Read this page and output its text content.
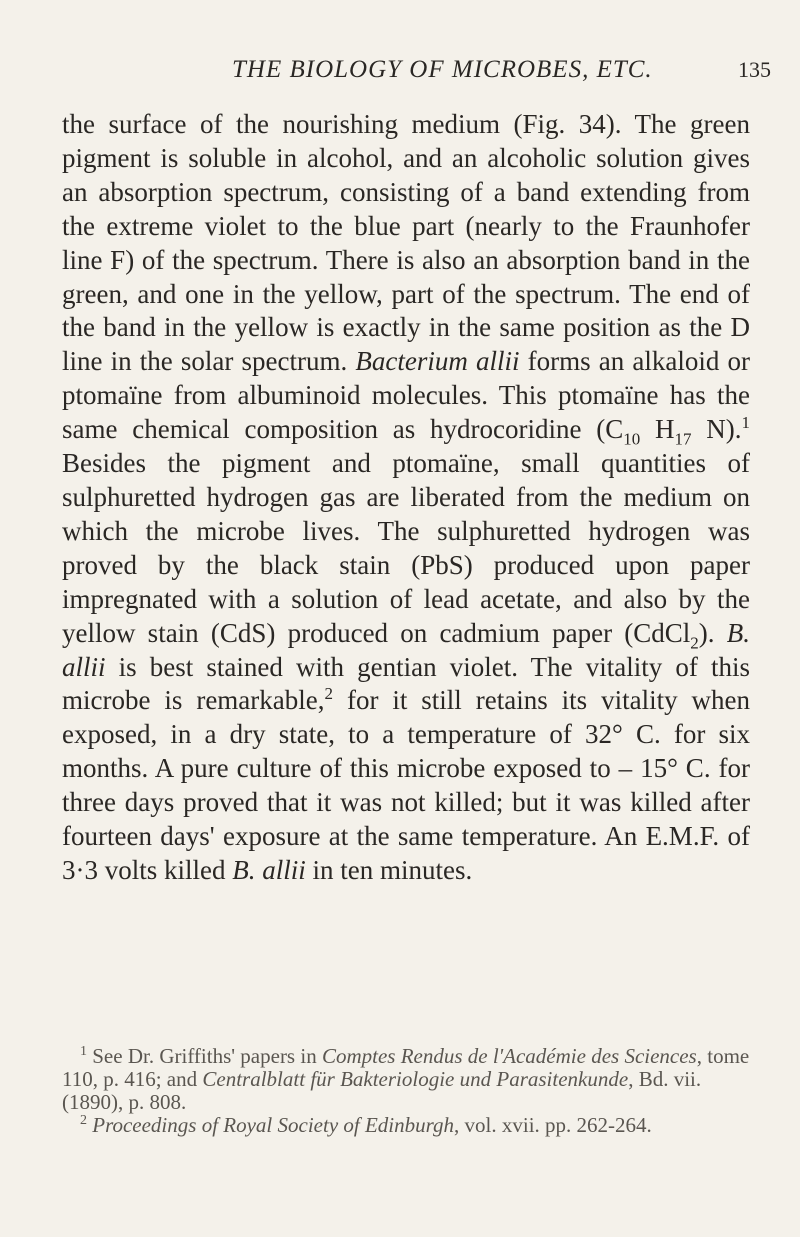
THE BIOLOGY OF MICROBES, ETC.	135

the surface of the nourishing medium (Fig. 34). The green pigment is soluble in alcohol, and an alcoholic solution gives an absorption spectrum, consisting of a band extending from the extreme violet to the blue part (nearly to the Fraunhofer line F) of the spectrum. There is also an absorption band in the green, and one in the yellow, part of the spectrum. The end of the band in the yellow is exactly in the same position as the D line in the solar spectrum. Bacterium allii forms an alkaloid or ptomaïne from albuminoid molecules. This ptomaïne has the same chemical composition as hydrocoridine ($C_{10}$ $H_{17}$ N).$^1$ Besides the pigment and ptomaïne, small quantities of sulphuretted hydrogen gas are liberated from the medium on which the microbe lives. The sulphuretted hydrogen was proved by the black stain (PbS) produced upon paper impregnated with a solution of lead acetate, and also by the yellow stain (CdS) produced on cadmium paper (CdCl$_2$). B. allii is best stained with gentian violet. The vitality of this microbe is remarkable,$^2$ for it still retains its vitality when exposed, in a dry state, to a temperature of 32° C. for six months. A pure culture of this microbe exposed to – 15° C. for three days proved that it was not killed; but it was killed after fourteen days' exposure at the same temperature. An E.M.F. of 3·3 volts killed B. allii in ten minutes.

$^1$ See Dr. Griffiths' papers in Comptes Rendus de l'Académie des Sciences, tome 110, p. 416; and Centralblatt für Bakteriologie und Parasitenkunde, Bd. vii. (1890), p. 808.

$^2$ Proceedings of Royal Society of Edinburgh, vol. xvii. pp. 262-264.
